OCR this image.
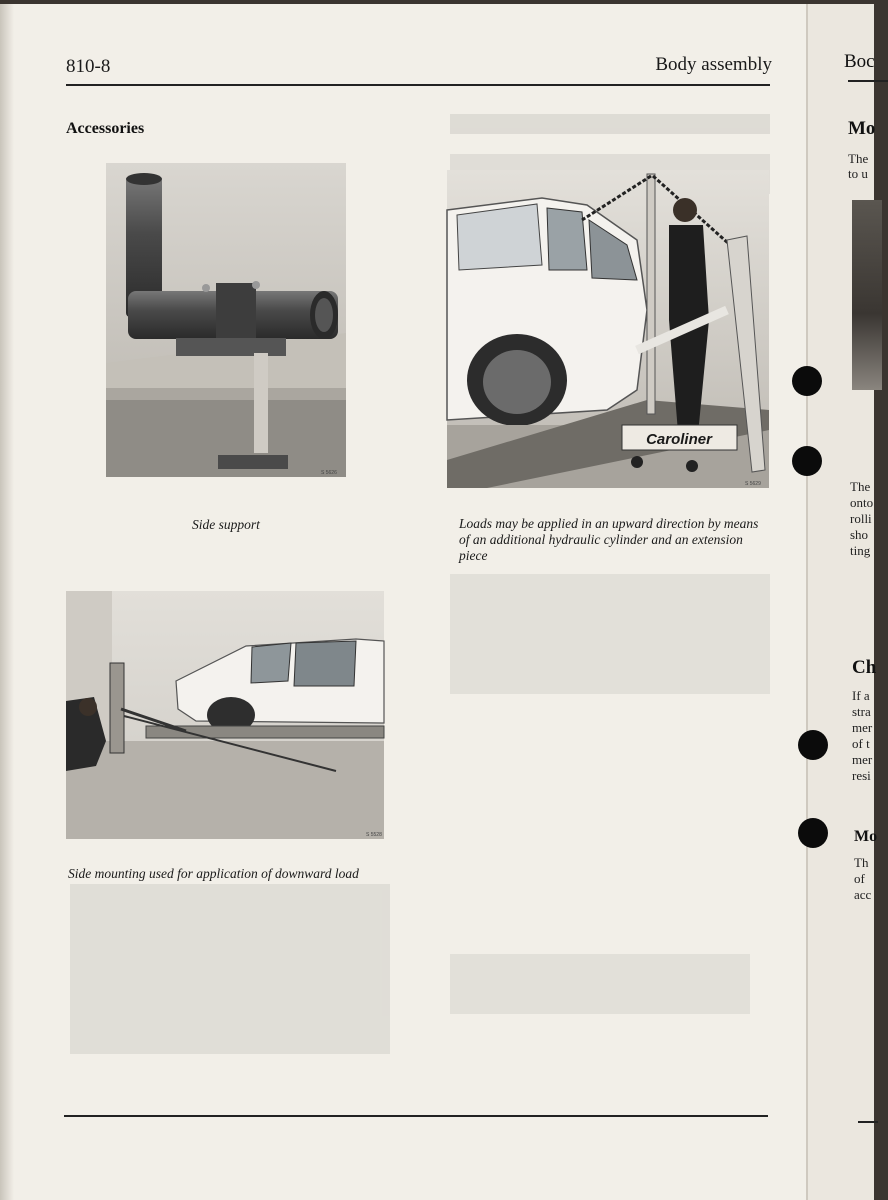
810-8	Body assembly
Accessories
S 5626
Side support
Caroliner
S 5629
Loads may be applied in an upward direction by means of an additional hydraulic cylinder and an extension piece
S 5528
Side mounting used for application of downward load
Boc
Mo
The
to u
The
onto
rolli
sho
ting
Ch
If a
stra
mer
of t
mer
resi
Mo
Th
of
acc
